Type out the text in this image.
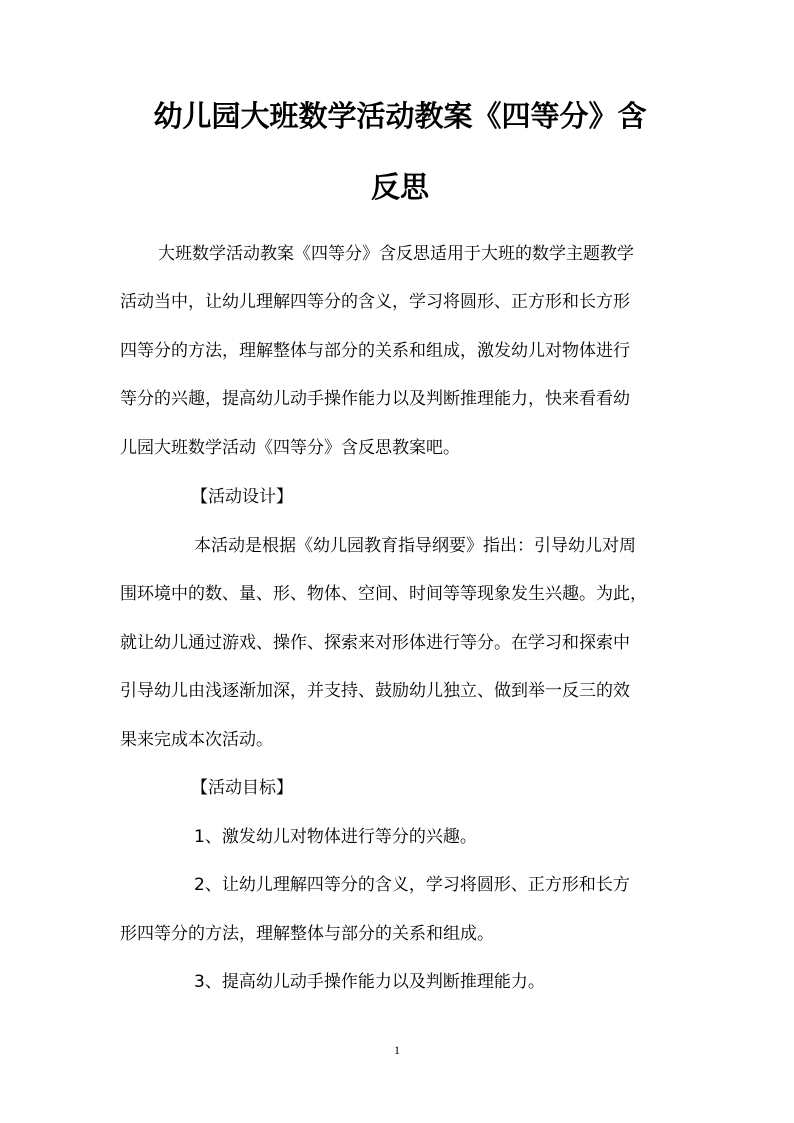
幼儿园大班数学活动教案《四等分》含
反思
大班数学活动教案《四等分》含反思适用于大班的数学主题教学
活动当中，让幼儿理解四等分的含义，学习将圆形、正方形和长方形
四等分的方法，理解整体与部分的关系和组成，激发幼儿对物体进行
等分的兴趣，提高幼儿动手操作能力以及判断推理能力，快来看看幼
儿园大班数学活动《四等分》含反思教案吧。
【活动设计】
本活动是根据《幼儿园教育指导纲要》指出：引导幼儿对周
围环境中的数、量、形、物体、空间、时间等等现象发生兴趣。为此，
就让幼儿通过游戏、操作、探索来对形体进行等分。在学习和探索中
引导幼儿由浅逐渐加深，并支持、鼓励幼儿独立、做到举一反三的效
果来完成本次活动。
【活动目标】
1、激发幼儿对物体进行等分的兴趣。
2、让幼儿理解四等分的含义，学习将圆形、正方形和长方
形四等分的方法，理解整体与部分的关系和组成。
3、提高幼儿动手操作能力以及判断推理能力。
1
